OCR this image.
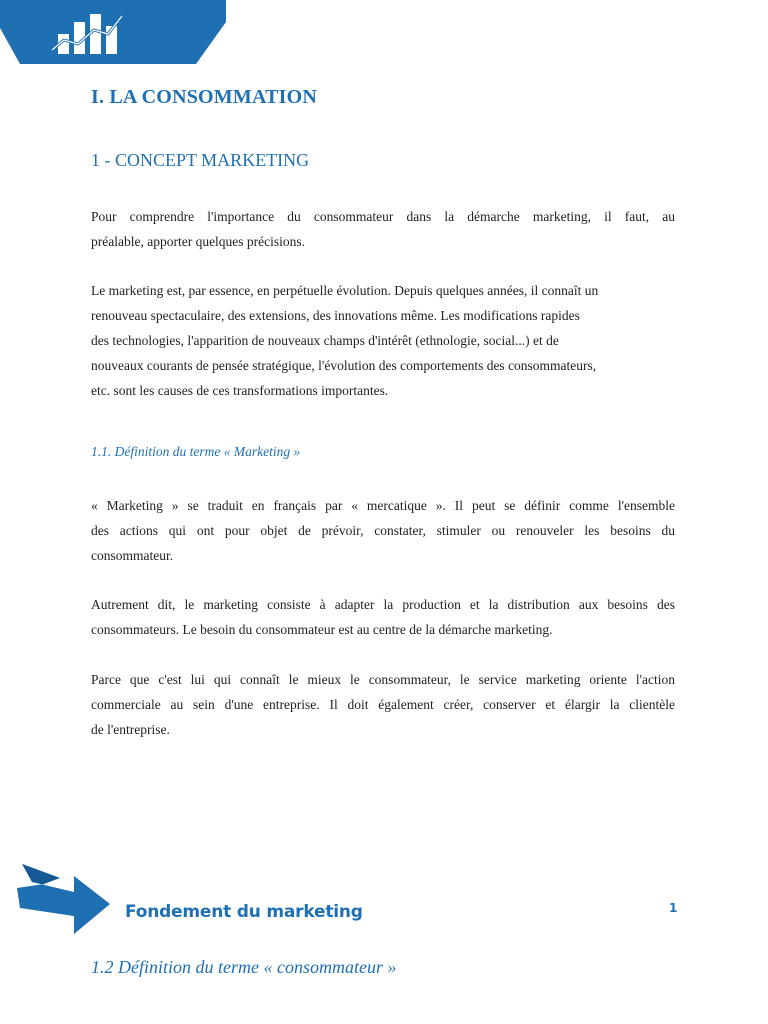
I. LA CONSOMMATION
1 - CONCEPT MARKETING
Pour comprendre l'importance du consommateur dans la démarche marketing, il faut, au
préalable, apporter quelques précisions.
Le marketing est, par essence, en perpétuelle évolution. Depuis quelques années, il connaît un
renouveau spectaculaire, des extensions, des innovations même. Les modifications rapides
des technologies, l'apparition de nouveaux champs d'intérêt (ethnologie, social...) et de
nouveaux courants de pensée stratégique, l'évolution des comportements des consommateurs,
etc. sont les causes de ces transformations importantes.
1.1. Définition du terme « Marketing »
« Marketing » se traduit en français par « mercatique ». Il peut se définir comme l'ensemble
des actions qui ont pour objet de prévoir, constater, stimuler ou renouveler les besoins du
consommateur.
Autrement dit, le marketing consiste à adapter la production et la distribution aux besoins des
consommateurs. Le besoin du consommateur est au centre de la démarche marketing.
Parce que c'est lui qui connaît le mieux le consommateur, le service marketing oriente l'action
commerciale au sein d'une entreprise. Il doit également créer, conserver et élargir la clientèle
de l'entreprise.
Fondement du marketing	1
1.2 Définition du terme « consommateur »
